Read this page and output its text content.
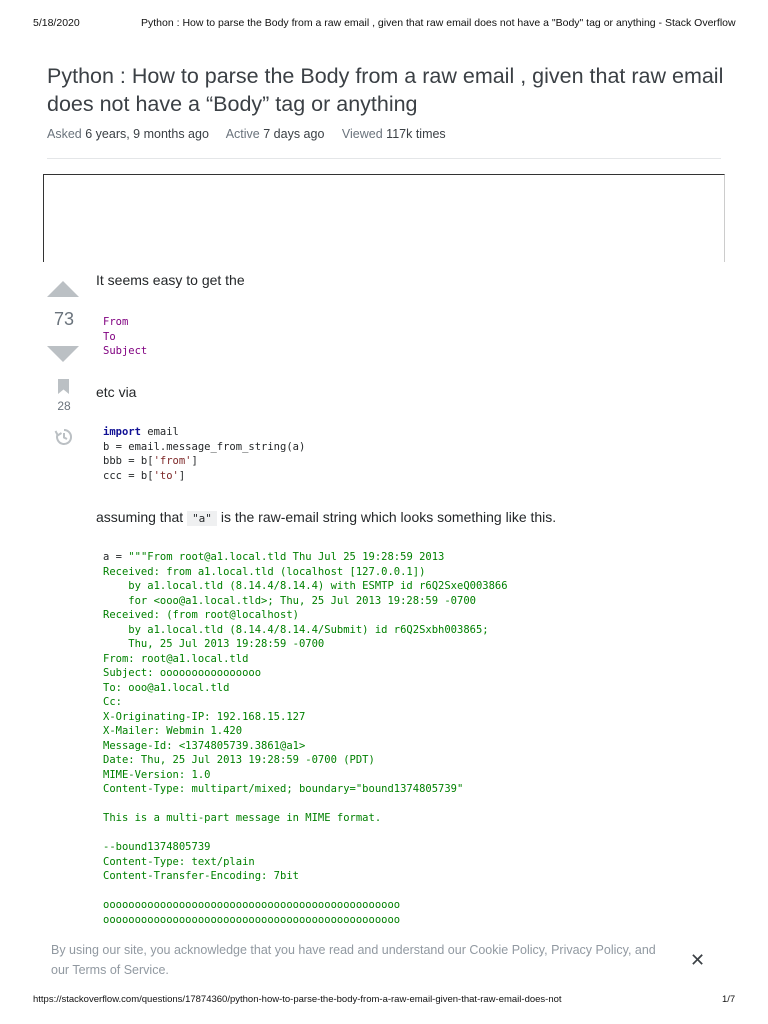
5/18/2020	Python : How to parse the Body from a raw email , given that raw email does not have a "Body" tag or anything - Stack Overflow
Python : How to parse the Body from a raw email , given that raw email does not have a “Body” tag or anything
Asked 6 years, 9 months ago Active 7 days ago Viewed 117k times
73
28

It seems easy to get the

From
To
Subject

etc via

import email
b = email.message_from_string(a)
bbb = b['from']
ccc = b['to']

assuming that "a" is the raw-email string which looks something like this.

a = """From root@a1.local.tld Thu Jul 25 19:28:59 2013
Received: from a1.local.tld (localhost [127.0.0.1])
by a1.local.tld (8.14.4/8.14.4) with ESMTP id r6Q2SxeQ003866
for <ooo@a1.local.tld>; Thu, 25 Jul 2013 19:28:59 -0700
Received: (from root@localhost)
by a1.local.tld (8.14.4/8.14.4/Submit) id r6Q2Sxbh003865;
Thu, 25 Jul 2013 19:28:59 -0700
From: root@a1.local.tld
Subject: oooooooooooooooo
To: ooo@a1.local.tld
Cc:
X-Originating-IP: 192.168.15.127
X-Mailer: Webmin 1.420
Message-Id: <1374805739.3861@a1>
Date: Thu, 25 Jul 2013 19:28:59 -0700 (PDT)
MIME-Version: 1.0
Content-Type: multipart/mixed; boundary="bound1374805739"

This is a multi-part message in MIME format.

--bound1374805739
Content-Type: text/plain
Content-Transfer-Encoding: 7bit

ooooooooooooooooooooooooooooooooooooooooooooooo
ooooooooooooooooooooooooooooooooooooooooooooooo
By using our site, you acknowledge that you have read and understand our Cookie Policy, Privacy Policy, and our Terms of Service.	✕
https://stackoverflow.com/questions/17874360/python-how-to-parse-the-body-from-a-raw-email-given-that-raw-email-does-not	1/7
